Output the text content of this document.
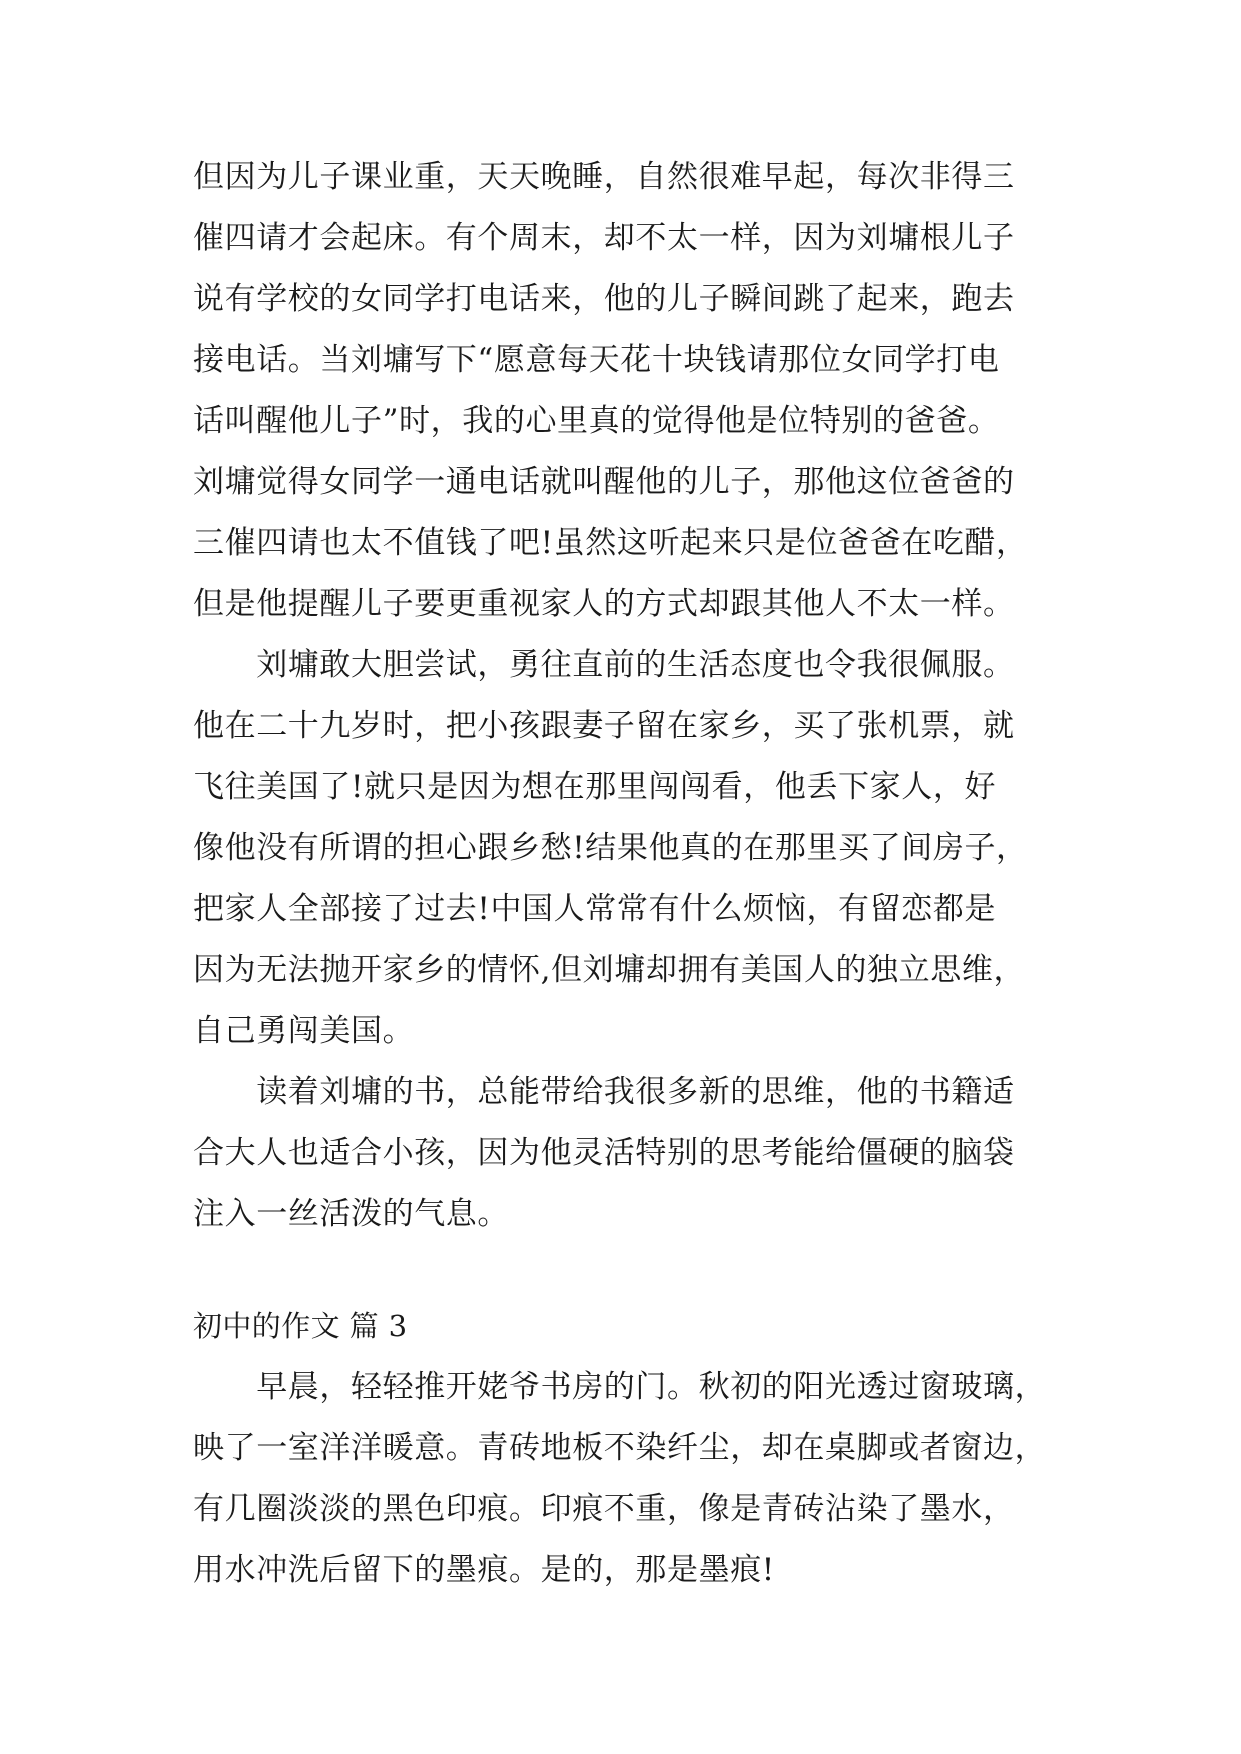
但因为儿子课业重，天天晚睡，自然很难早起，每次非得三
催四请才会起床。有个周末，却不太一样，因为刘墉根儿子
说有学校的女同学打电话来，他的儿子瞬间跳了起来，跑去
接电话。当刘墉写下“愿意每天花十块钱请那位女同学打电
话叫醒他儿子”时，我的心里真的觉得他是位特别的爸爸。
刘墉觉得女同学一通电话就叫醒他的儿子，那他这位爸爸的
三催四请也太不值钱了吧!虽然这听起来只是位爸爸在吃醋，
但是他提醒儿子要更重视家人的方式却跟其他人不太一样。
　　刘墉敢大胆尝试，勇往直前的生活态度也令我很佩服。
他在二十九岁时，把小孩跟妻子留在家乡，买了张机票，就
飞往美国了!就只是因为想在那里闯闯看，他丢下家人，好
像他没有所谓的担心跟乡愁!结果他真的在那里买了间房子，
把家人全部接了过去!中国人常常有什么烦恼，有留恋都是
因为无法抛开家乡的情怀,但刘墉却拥有美国人的独立思维，
自己勇闯美国。
　　读着刘墉的书，总能带给我很多新的思维，他的书籍适
合大人也适合小孩，因为他灵活特别的思考能给僵硬的脑袋
注入一丝活泼的气息。
初中的作文 篇 3
　　早晨，轻轻推开姥爷书房的门。秋初的阳光透过窗玻璃，
映了一室洋洋暖意。青砖地板不染纤尘，却在桌脚或者窗边，
有几圈淡淡的黑色印痕。印痕不重，像是青砖沾染了墨水，
用水冲洗后留下的墨痕。是的，那是墨痕!
